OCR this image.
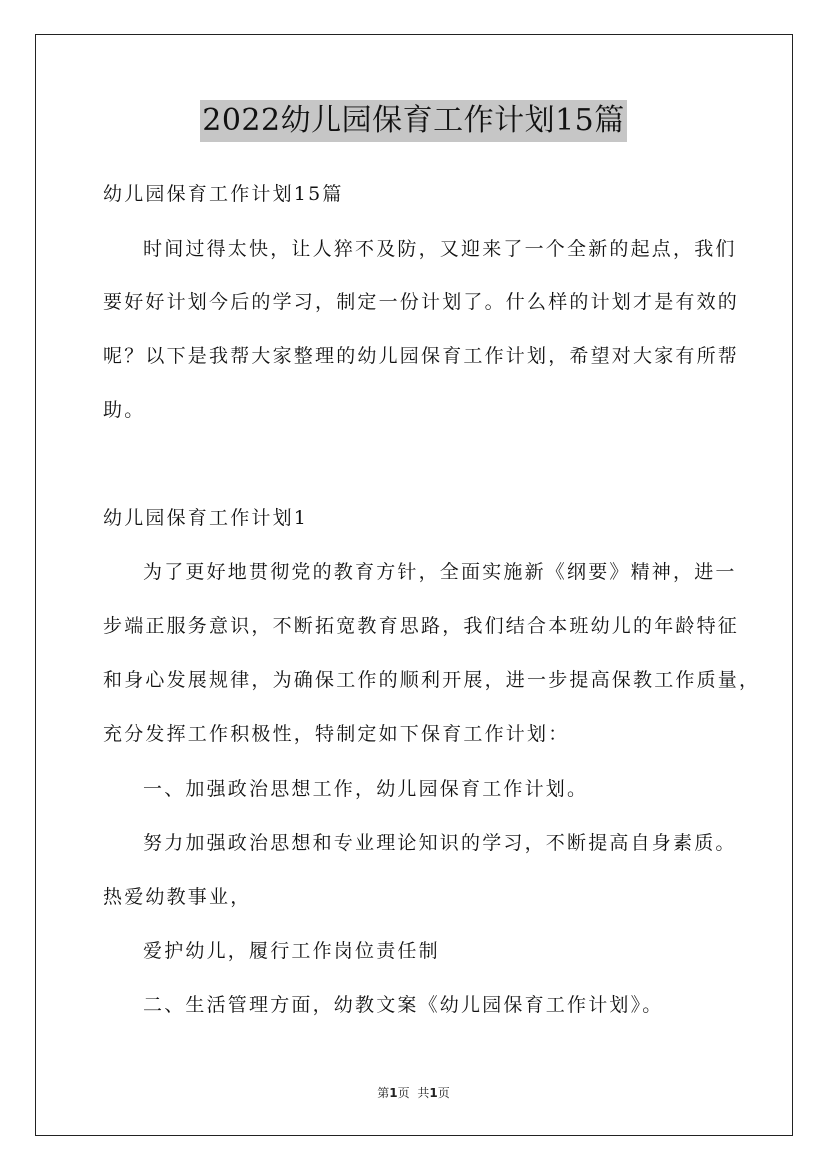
2022幼儿园保育工作计划15篇
幼儿园保育工作计划15篇
时间过得太快，让人猝不及防，又迎来了一个全新的起点，我们
要好好计划今后的学习，制定一份计划了。什么样的计划才是有效的
呢？以下是我帮大家整理的幼儿园保育工作计划，希望对大家有所帮
助。
幼儿园保育工作计划1
为了更好地贯彻党的教育方针，全面实施新《纲要》精神，进一
步端正服务意识，不断拓宽教育思路，我们结合本班幼儿的年龄特征
和身心发展规律，为确保工作的顺利开展，进一步提高保教工作质量，
充分发挥工作积极性，特制定如下保育工作计划：
一、加强政治思想工作，幼儿园保育工作计划。
努力加强政治思想和专业理论知识的学习，不断提高自身素质。
热爱幼教事业，
爱护幼儿，履行工作岗位责任制
二、生活管理方面，幼教文案《幼儿园保育工作计划》。
第1页 共1页
